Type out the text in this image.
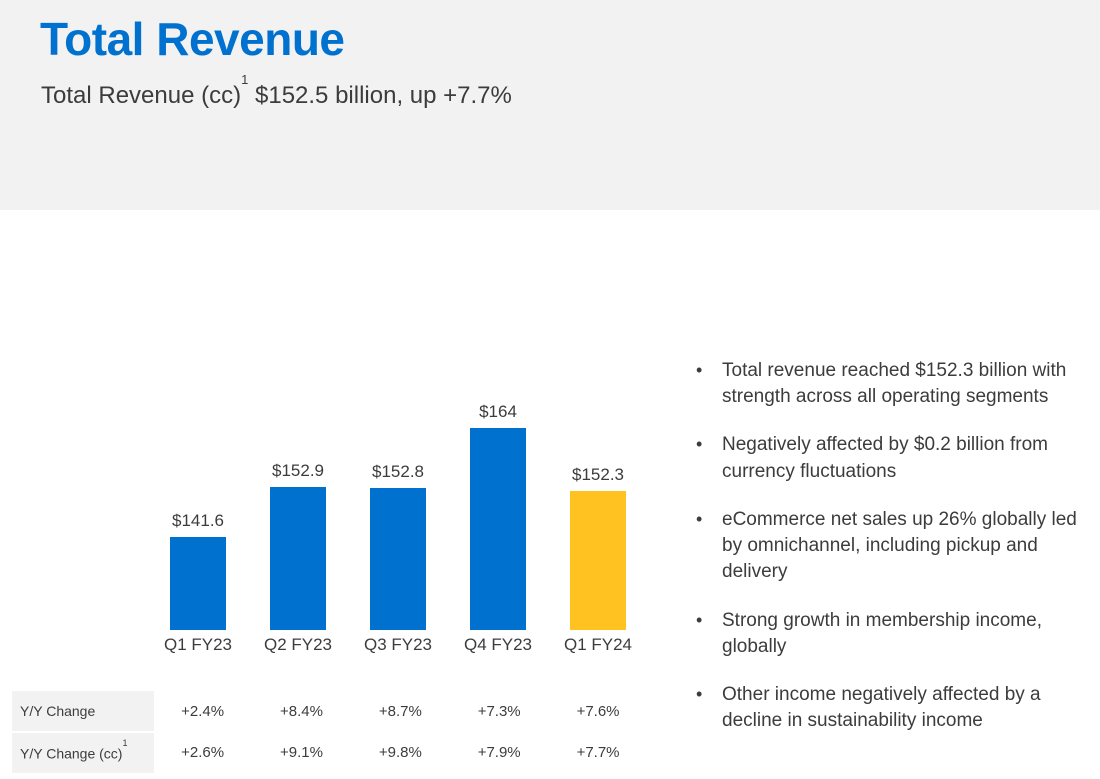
Total Revenue
Total Revenue (cc)$^1$ $152.5 billion, up +7.7%
$141.6
Q1 FY23
$152.9
Q2 FY23
$152.8
Q3 FY23
$164
Q4 FY23
$152.3
Q1 FY24
Y/Y Change	+2.4%	+8.4%	+8.7%	+7.3%	+7.6%
Y/Y Change (cc)$^1$	+2.6%	+9.1%	+9.8%	+7.9%	+7.7%
• Total revenue reached $152.3 billion with strength across all operating segments
• Negatively affected by $0.2 billion from currency fluctuations
• eCommerce net sales up 26% globally led by omnichannel, including pickup and delivery
• Strong growth in membership income, globally
• Other income negatively affected by a decline in sustainability income
